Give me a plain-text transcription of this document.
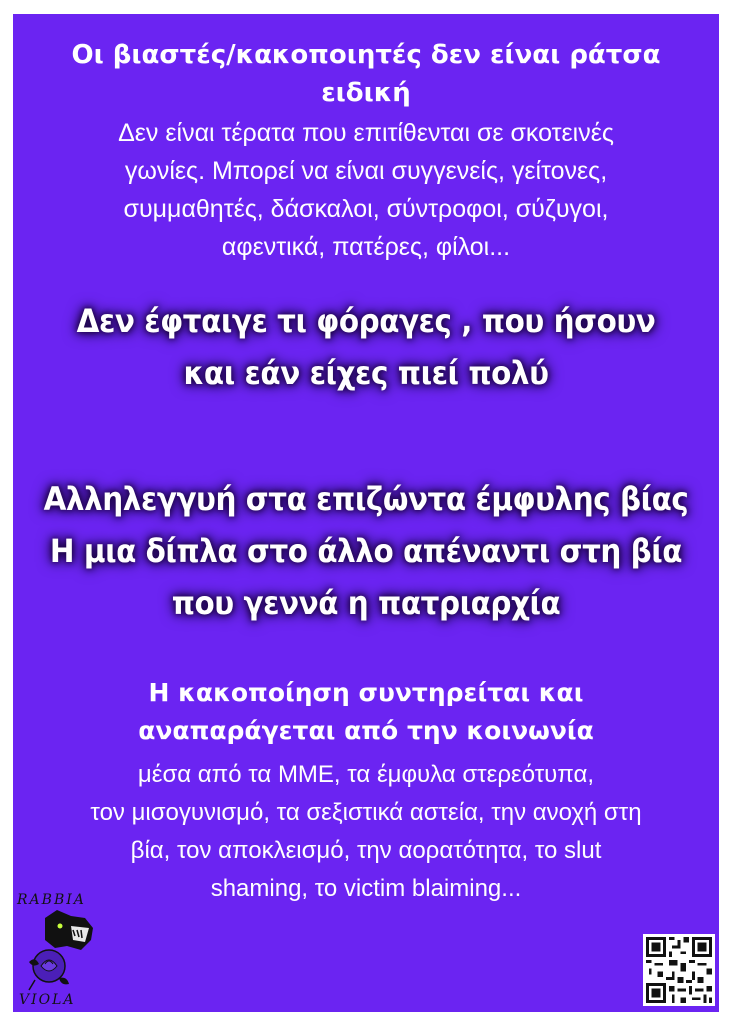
Οι βιαστές/κακοποιητές δεν είναι ράτσα
ειδική
Δεν είναι τέρατα που επιτίθενται σε σκοτεινές
γωνίες. Μπορεί να είναι συγγενείς, γείτονες,
συμμαθητές, δάσκαλοι, σύντροφοι, σύζυγοι,
αφεντικά, πατέρες, φίλοι...
Δεν έφταιγε τι φόραγες , που ήσουν
και εάν είχες πιεί πολύ
Αλληλεγγυή στα επιζώντα έμφυλης βίας
Η μια δίπλα στο άλλο απέναντι στη βία
που γεννά η πατριαρχία
Η κακοποίηση συντηρείται και
αναπαράγεται από την κοινωνία
μέσα από τα ΜΜΕ, τα έμφυλα στερεότυπα,
τον μισογυνισμό, τα σεξιστικά αστεία, την ανοχή στη
βία, τον αποκλεισμό, την αορατότητα, το slut
shaming, το victim blaiming...
RABBIA
VIOLA
